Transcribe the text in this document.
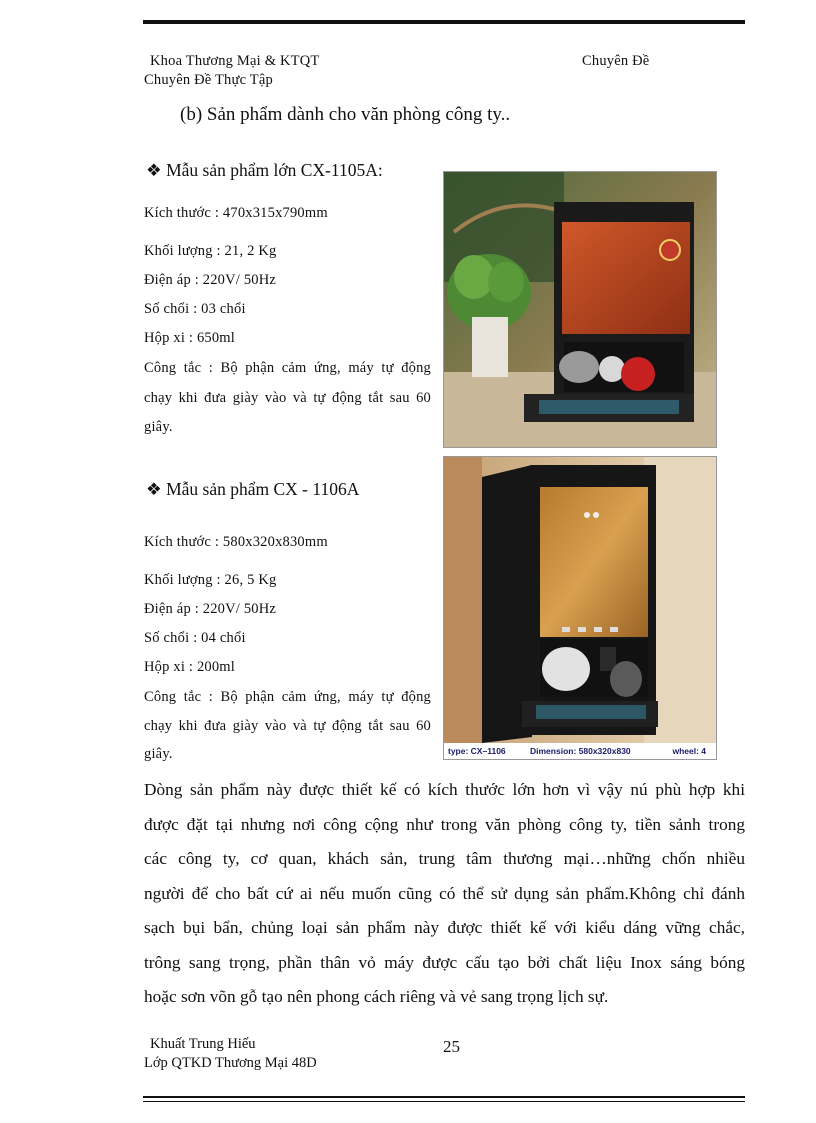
Khoa Thương Mại & KTQT	Chuyên Đề
Chuyên Đề Thực Tập
(b) Sản phẩm dành cho văn phòng công ty..
❖ Mẫu sản phẩm lớn CX-1105A:
Kích thước : 470x315x790mm
Khối lượng : 21, 2 Kg
Điện áp : 220V/ 50Hz
Số chổi : 03 chổi
Hộp xi : 650ml
Công tắc : Bộ phận cảm ứng, máy tự động
chạy khi đưa giày vào và tự động tắt sau 60
giây.
❖ Mẫu sản phẩm CX - 1106A
Kích thước : 580x320x830mm
Khối lượng : 26, 5 Kg
Điện áp : 220V/ 50Hz
Số chổi : 04 chổi
Hộp xi : 200ml
Công tắc : Bộ phận cảm ứng, máy tự động
chạy khi đưa giày vào và tự động tắt sau 60
giây.	type: CX–1106	Dimension: 580x320x830	wheel: 4
Dòng sản phẩm này được thiết kế có kích thước lớn hơn vì vậy nú phù hợp khi
được đặt tại nhưng nơi công cộng như trong văn phòng công ty, tiền sảnh trong
các công ty, cơ quan, khách sản, trung tâm thương mại…những chốn nhiều
người để cho bất cứ ai nếu muốn cũng có thể sử dụng sản phẩm.Không chỉ đánh
sạch bụi bẩn, chủng loại sản phẩm này được thiết kế với kiểu dáng vững chắc,
trông sang trọng, phần thân vỏ máy được cấu tạo bởi chất liệu Inox sáng bóng
hoặc sơn võn gỗ tạo nên phong cách riêng và vẻ sang trọng lịch sự.
Khuất Trung Hiếu	25
Lớp QTKD Thương Mại 48D
